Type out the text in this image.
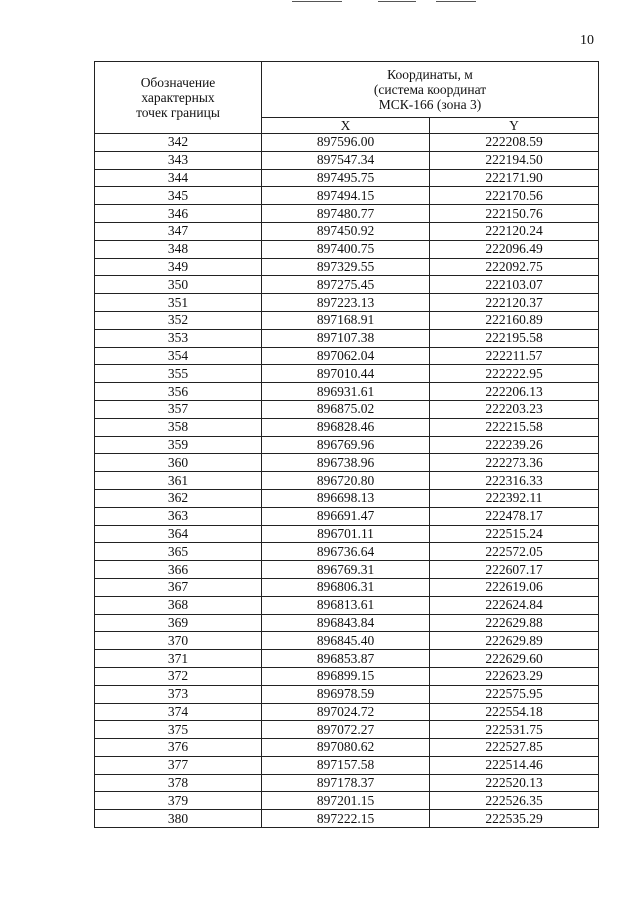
10
Обозначение
характерных
точек границы	Координаты, м
(система координат
МСК-166 (зона 3)	

	X	Y
342	897596.00	222208.59
343	897547.34	222194.50
344	897495.75	222171.90
345	897494.15	222170.56
346	897480.77	222150.76
347	897450.92	222120.24
348	897400.75	222096.49
349	897329.55	222092.75
350	897275.45	222103.07
351	897223.13	222120.37
352	897168.91	222160.89
353	897107.38	222195.58
354	897062.04	222211.57
355	897010.44	222222.95
356	896931.61	222206.13
357	896875.02	222203.23
358	896828.46	222215.58
359	896769.96	222239.26
360	896738.96	222273.36
361	896720.80	222316.33
362	896698.13	222392.11
363	896691.47	222478.17
364	896701.11	222515.24
365	896736.64	222572.05
366	896769.31	222607.17
367	896806.31	222619.06
368	896813.61	222624.84
369	896843.84	222629.88
370	896845.40	222629.89
371	896853.87	222629.60
372	896899.15	222623.29
373	896978.59	222575.95
374	897024.72	222554.18
375	897072.27	222531.75
376	897080.62	222527.85
377	897157.58	222514.46
378	897178.37	222520.13
379	897201.15	222526.35
380	897222.15	222535.29
